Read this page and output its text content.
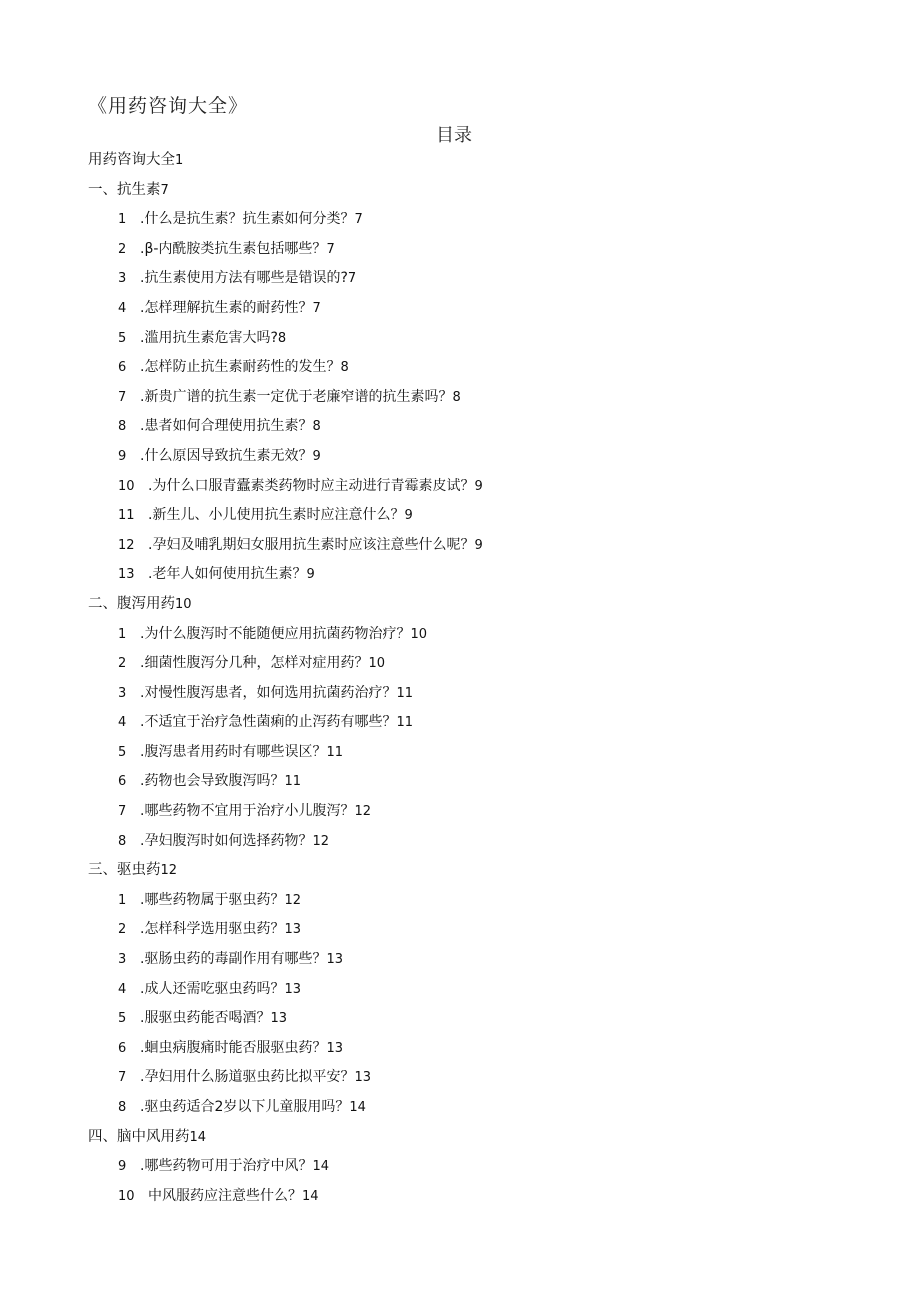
《用药咨询大全》
目录
用药咨询大全1
一、抗生素7
1 .什么是抗生素？抗生素如何分类？7
2 .β-内酰胺类抗生素包括哪些？7
3 .抗生素使用方法有哪些是错误的?7
4 .怎样理解抗生素的耐药性？7
5 .滥用抗生素危害大吗?8
6 .怎样防止抗生素耐药性的发生？8
7 .新贵广谱的抗生素一定优于老廉窄谱的抗生素吗？8
8 .患者如何合理使用抗生素？8
9 .什么原因导致抗生素无效？9
10 .为什么口服青蠹素类药物时应主动进行青霉素皮试？9
11 .新生儿、小儿使用抗生素时应注意什么？9
12 .孕妇及哺乳期妇女服用抗生素时应该注意些什么呢？9
13 .老年人如何使用抗生素？9
二、腹泻用药10
1 .为什么腹泻时不能随便应用抗菌药物治疗？10
2 .细菌性腹泻分几种，怎样对症用药？10
3 .对慢性腹泻患者，如何选用抗菌药治疗？11
4 .不适宜于治疗急性菌痢的止泻药有哪些？11
5 .腹泻患者用药时有哪些误区？11
6 .药物也会导致腹泻吗？11
7 .哪些药物不宜用于治疗小儿腹泻？12
8 .孕妇腹泻时如何选择药物？12
三、驱虫药12
1 .哪些药物属于驱虫药？12
2 .怎样科学选用驱虫药？13
3 .驱肠虫药的毒副作用有哪些？13
4 .成人还需吃驱虫药吗？13
5 .服驱虫药能否喝酒？13
6 .蛔虫病腹痛时能否服驱虫药？13
7 .孕妇用什么肠道驱虫药比拟平安？13
8 .驱虫药适合2岁以下儿童服用吗？14
四、脑中风用药14
9 .哪些药物可用于治疗中风？14
10 中风服药应注意些什么？14
